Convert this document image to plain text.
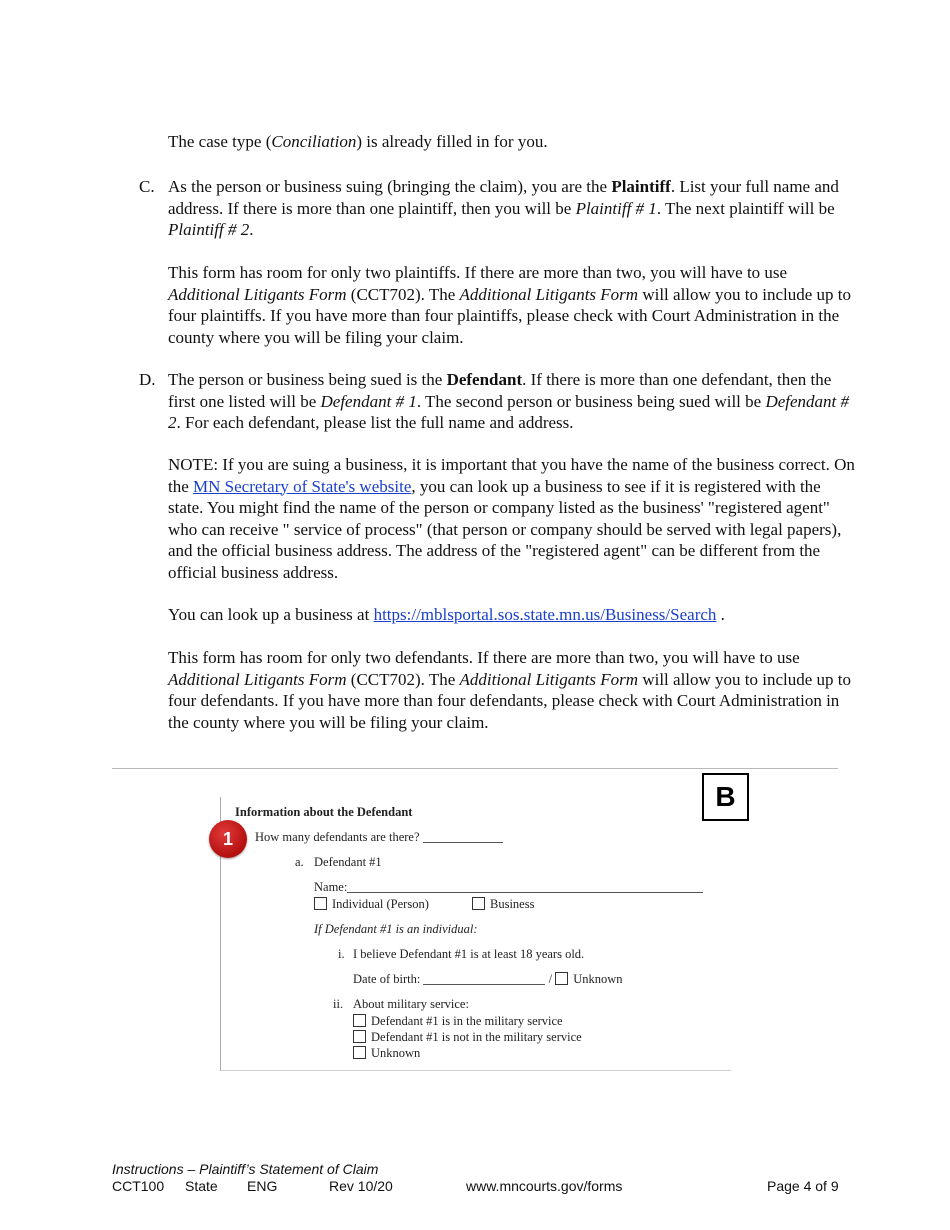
The case type (Conciliation) is already filled in for you.
C. As the person or business suing (bringing the claim), you are the Plaintiff. List your full name and address. If there is more than one plaintiff, then you will be Plaintiff # 1. The next plaintiff will be Plaintiff # 2.
This form has room for only two plaintiffs. If there are more than two, you will have to use Additional Litigants Form (CCT702). The Additional Litigants Form will allow you to include up to four plaintiffs. If you have more than four plaintiffs, please check with Court Administration in the county where you will be filing your claim.
D. The person or business being sued is the Defendant. If there is more than one defendant, then the first one listed will be Defendant # 1. The second person or business being sued will be Defendant # 2. For each defendant, please list the full name and address.
NOTE: If you are suing a business, it is important that you have the name of the business correct. On the MN Secretary of State's website, you can look up a business to see if it is registered with the state. You might find the name of the person or company listed as the business' "registered agent" who can receive " service of process" (that person or company should be served with legal papers), and the official business address. The address of the "registered agent" can be different from the official business address.
You can look up a business at https://mblsportal.sos.state.mn.us/Business/Search .
This form has room for only two defendants. If there are more than two, you will have to use Additional Litigants Form (CCT702). The Additional Litigants Form will allow you to include up to four defendants. If you have more than four defendants, please check with Court Administration in the county where you will be filing your claim.
B
Information about the Defendant
How many defendants are there?
a. Defendant #1
Name:
Individual (Person)	Business
If Defendant #1 is an individual:
i. I believe Defendant #1 is at least 18 years old.
Date of birth:	/ Unknown
ii. About military service:
Defendant #1 is in the military service
Defendant #1 is not in the military service
Unknown
1
Instructions – Plaintiff’s Statement of Claim
CCT100 State ENG	Rev 10/20	www.mncourts.gov/forms	Page 4 of 9
